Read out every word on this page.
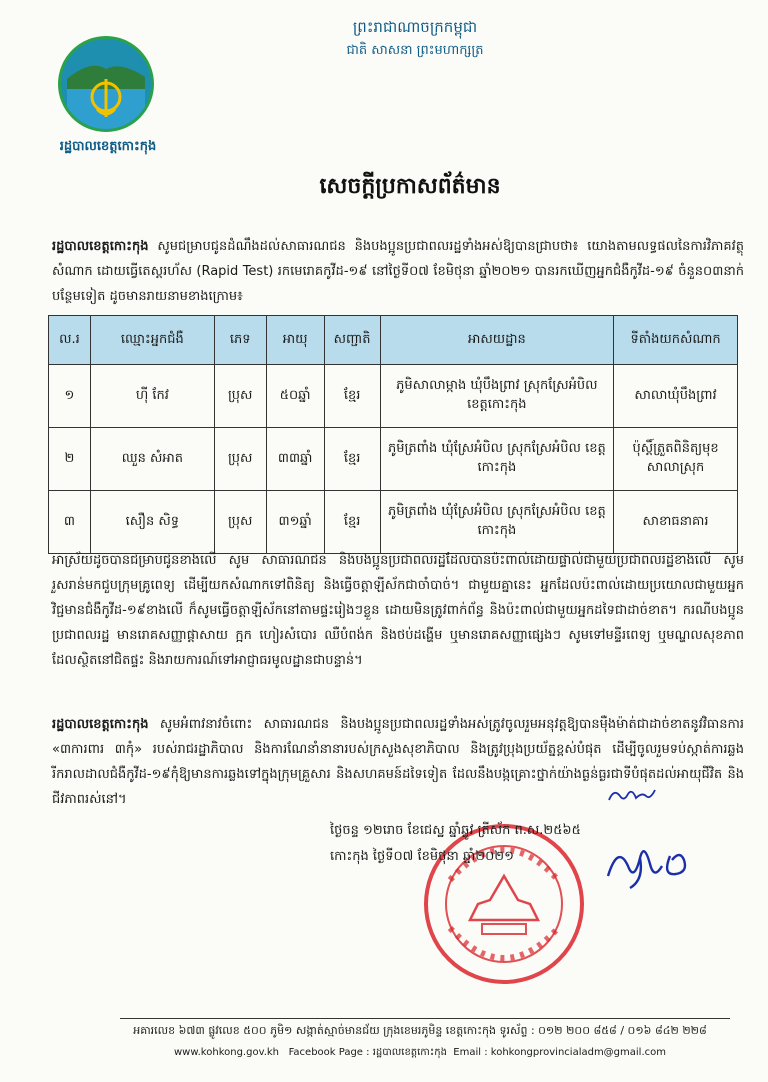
រដ្ឋបាលខេត្តកោះកុង
ព្រះរាជាណាចក្រកម្ពុជា
ជាតិ សាសនា ព្រះមហាក្សត្រ
សេចក្តីប្រកាសព័ត៌មាន
រដ្ឋបាលខេត្តកោះកុង សូមជម្រាបជូនដំណឹងដល់សាធារណជន និងបងប្អូនប្រជាពលរដ្ឋទាំងអស់ឱ្យបានជ្រាបថា៖ យោងតាមលទ្ធផលនៃការវិភាគវត្ថុសំណាក ដោយធ្វើតេស្តរហ័ស (Rapid Test) រកមេរោគកូវីដ-១៩ នៅថ្ងៃទី០៧ ខែមិថុនា ឆ្នាំ២០២១ បានរកឃើញអ្នកជំងឺកូវីដ-១៩ ចំនួន០៣នាក់ បន្ថែមទៀត ដូចមានរាយនាមខាងក្រោម៖
ល.រ	ឈ្មោះអ្នកជំងឺ	ភេទ	អាយុ	សញ្ជាតិ	អាសយដ្ឋាន	ទីតាំងយកសំណាក
១	ហ៊ី កែវ	ប្រុស	៥០ឆ្នាំ	ខ្មែរ	ភូមិសាលាម្កាង ឃុំបឹងព្រាវ ស្រុកស្រែអំបិល ខេត្តកោះកុង	សាលាឃុំបឹងព្រាវ
២	ឈួន សំអាត	ប្រុស	៣៣ឆ្នាំ	ខ្មែរ	ភូមិត្រពាំង ឃុំស្រែអំបិល ស្រុកស្រែអំបិល ខេត្តកោះកុង	ប៉ុស្តិ៍ត្រួតពិនិត្យមុខសាលាស្រុក
៣	សឿន សិទ្ធ	ប្រុស	៣១ឆ្នាំ	ខ្មែរ	ភូមិត្រពាំង ឃុំស្រែអំបិល ស្រុកស្រែអំបិល ខេត្តកោះកុង	សាខាធនាគារ
អាស្រ័យដូចបានជម្រាបជូនខាងលើ សូម សាធារណជន និងបងប្អូនប្រជាពលរដ្ឋដែលបានប៉ះពាល់ដោយផ្ទាល់ជាមួយប្រជាពលរដ្ឋខាងលើ សូមរួសរាន់មកជួបក្រុមគ្រូពេទ្យ ដើម្បីយកសំណាកទៅពិនិត្យ និងធ្វើចត្តាឡីស័កជាចាំបាច់។ ជាមួយគ្នានេះ អ្នកដែលប៉ះពាល់ដោយប្រយោលជាមួយអ្នកវិជ្ជមានជំងឺកូវីដ-១៩ខាងលើ ក៏សូមធ្វើចត្តាឡីស័កនៅតាមផ្ទះរៀងៗខ្លួន ដោយមិនត្រូវពាក់ព័ន្ធ និងប៉ះពាល់ជាមួយអ្នកដទៃជាដាច់ខាត។ ករណីបងប្អូនប្រជាពលរដ្ឋ មានរោគសញ្ញាផ្តាសាយ ក្អក ហៀរសំបោរ ឈឺបំពង់ក និងថប់ដង្ហើម ឬមានរោគសញ្ញាផ្សេងៗ សូមទៅមន្ទីរពេទ្យ ឬមណ្ឌលសុខភាព ដែលស្ថិតនៅជិតផ្ទះ និងរាយការណ៍ទៅអាជ្ញាធរមូលដ្ឋានជាបន្ទាន់។
រដ្ឋបាលខេត្តកោះកុង សូមអំពាវនាវចំពោះ សាធារណជន និងបងប្អូនប្រជាពលរដ្ឋទាំងអស់ត្រូវចូលរួមអនុវត្តឱ្យបានម៉ឺងម៉ាត់ជាដាច់ខាតនូវវិធានការ «៣ការពារ ៣កុំ» របស់រាជរដ្ឋាភិបាល និងការណែនាំនានារបស់ក្រសួងសុខាភិបាល និងត្រូវប្រុងប្រយ័ត្នខ្ពស់បំផុត ដើម្បីចូលរួមទប់ស្កាត់ការឆ្លងរីករាលដាលជំងឺកូវីដ-១៩កុំឱ្យមានការឆ្លងទៅក្នុងក្រុមគ្រួសារ និងសហគមន៍ដទៃទៀត ដែលនឹងបង្កគ្រោះថ្នាក់យ៉ាងធ្ងន់ធ្ងរជាទីបំផុតដល់អាយុជីវិត និងជីវភាពរស់នៅ។
ថ្ងៃចន្ទ ១២រោច ខែជេស្ឋ ឆ្នាំឆ្លូវ ត្រីស័ក ព.ស.២៥៦៥
កោះកុង ថ្ងៃទី០៧ ខែមិថុនា ឆ្នាំ២០២១
អគារលេខ ៦៧៣ ផ្លូវលេខ ៥០០ ភូមិ១ សង្កាត់ស្មាច់មានជ័យ ក្រុងខេមរភូមិន្ទ ខេត្តកោះកុង ទូរស័ព្ទ : ០១២ ២០០ ៨៥៨ / ០១៦ ៨៤២ ២២៨
www.kohkong.gov.kh Facebook Page : រដ្ឋបាលខេត្តកោះកុង Email : kohkongprovincialadm@gmail.com
